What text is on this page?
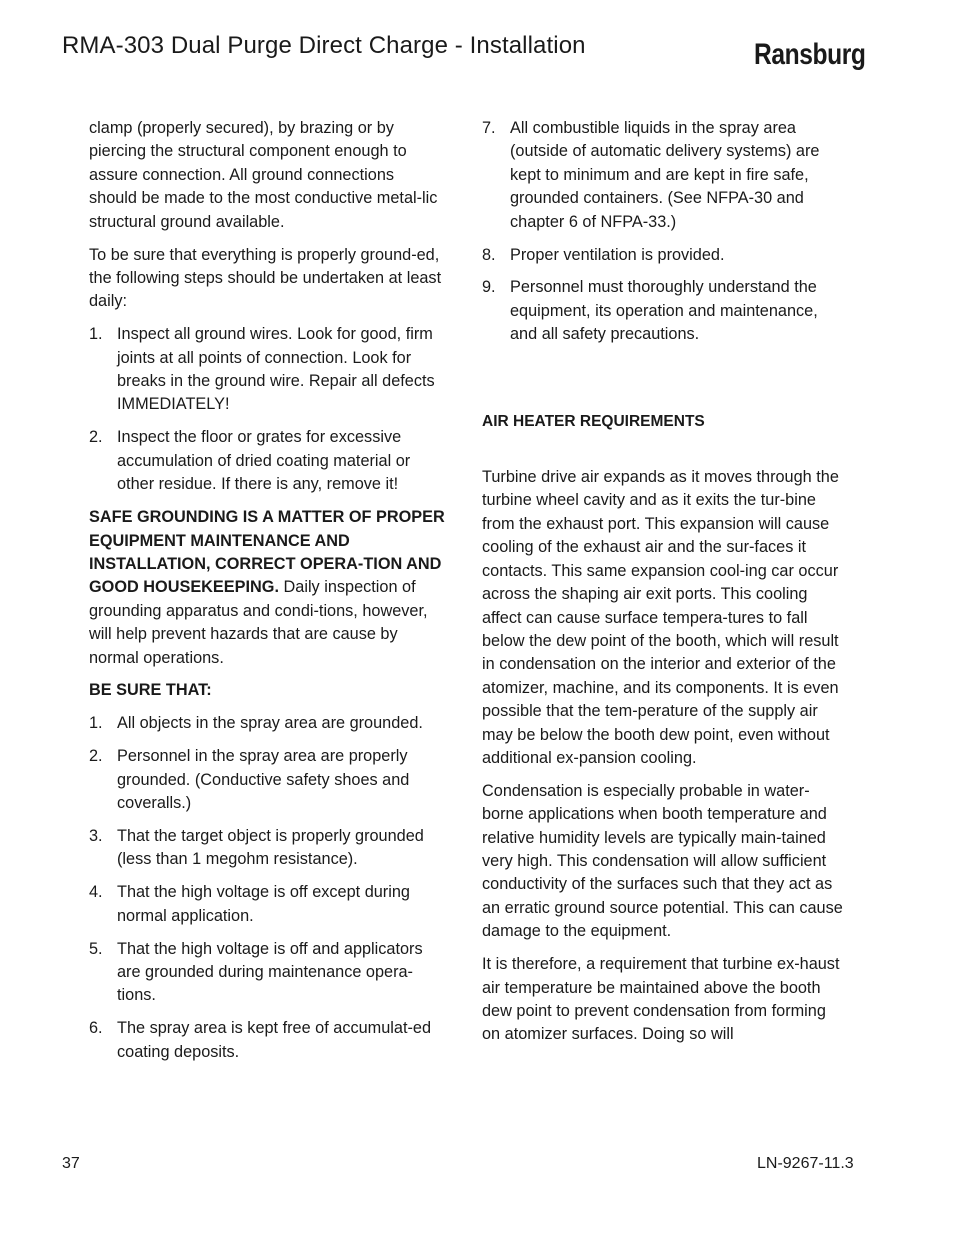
RMA-303 Dual Purge Direct Charge - Installation	Ransburg

clamp (properly secured), by brazing or by piercing the structural component enough to assure connection. All ground connections should be made to the most conductive metal-lic structural ground available.

To be sure that everything is properly ground-ed, the following steps should be undertaken at least daily:

1. Inspect all ground wires. Look for good, firm joints at all points of connection. Look for breaks in the ground wire. Repair all defects IMMEDIATELY!
2. Inspect the floor or grates for excessive accumulation of dried coating material or other residue. If there is any, remove it!

SAFE GROUNDING IS A MATTER OF PROPER EQUIPMENT MAINTENANCE AND INSTALLATION, CORRECT OPERA-TION AND GOOD HOUSEKEEPING. Daily inspection of grounding apparatus and condi-tions, however, will help prevent hazards that are cause by normal operations.

BE SURE THAT:

1. All objects in the spray area are grounded.
2. Personnel in the spray area are properly grounded. (Conductive safety shoes and coveralls.)
3. That the target object is properly grounded (less than 1 megohm resistance).
4. That the high voltage is off except during normal application.
5. That the high voltage is off and applicators are grounded during maintenance opera-tions.
6. The spray area is kept free of accumulat-ed coating deposits.
7. All combustible liquids in the spray area (outside of automatic delivery systems) are kept to minimum and are kept in fire safe, grounded containers. (See NFPA-30 and chapter 6 of NFPA-33.)
8. Proper ventilation is provided.
9. Personnel must thoroughly understand the equipment, its operation and maintenance, and all safety precautions.

AIR HEATER REQUIREMENTS

Turbine drive air expands as it moves through the turbine wheel cavity and as it exits the tur-bine from the exhaust port. This expansion will cause cooling of the exhaust air and the sur-faces it contacts. This same expansion cool-ing car occur across the shaping air exit ports. This cooling affect can cause surface tempera-tures to fall below the dew point of the booth, which will result in condensation on the interior and exterior of the atomizer, machine, and its components. It is even possible that the tem-perature of the supply air may be below the booth dew point, even without additional ex-pansion cooling.

Condensation is especially probable in water-borne applications when booth temperature and relative humidity levels are typically main-tained very high. This condensation will allow sufficient conductivity of the surfaces such that they act as an erratic ground source potential. This can cause damage to the equipment.

It is therefore, a requirement that turbine ex-haust air temperature be maintained above the booth dew point to prevent condensation from forming on atomizer surfaces. Doing so will

37	LN-9267-11.3
